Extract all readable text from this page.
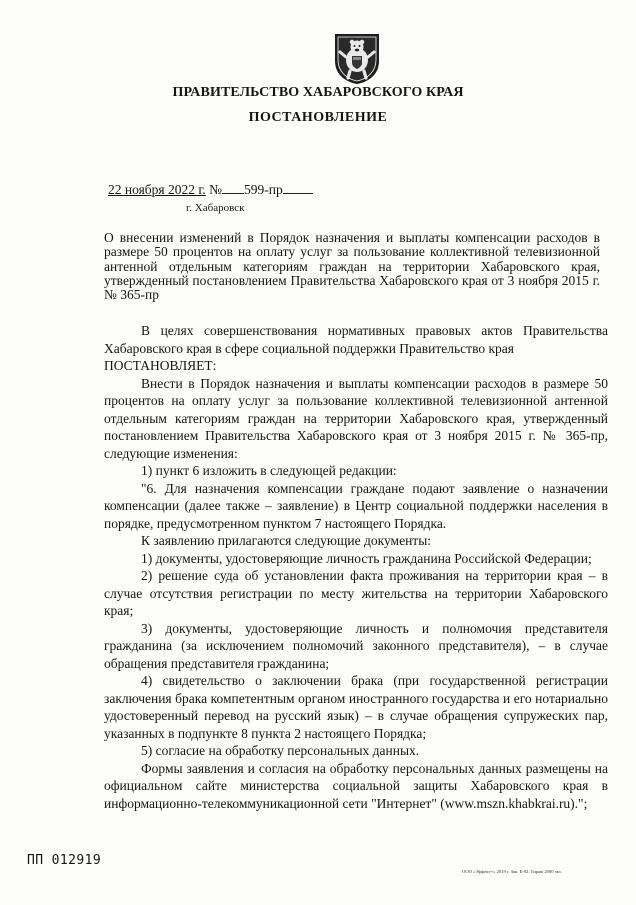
ПРАВИТЕЛЬСТВО ХАБАРОВСКОГО КРАЯ
ПОСТАНОВЛЕНИЕ
22 ноября 2022 г. № 599-пр
г. Хабаровск
О внесении изменений в Порядок назначения и выплаты компенсации расходов в размере 50 процентов на оплату услуг за пользование коллективной телевизионной антенной отдельным категориям граждан на территории Хабаровского края, утвержденный постановлением Правительства Хабаровского края от 3 ноября 2015 г. № 365-пр

В целях совершенствования нормативных правовых актов Правительства Хабаровского края в сфере социальной поддержки Правительство края

ПОСТАНОВЛЯЕТ:

Внести в Порядок назначения и выплаты компенсации расходов в размере 50 процентов на оплату услуг за пользование коллективной телевизионной антенной отдельным категориям граждан на территории Хабаровского края, утвержденный постановлением Правительства Хабаровского края от 3 ноября 2015 г. № 365-пр, следующие изменения:

1) пункт 6 изложить в следующей редакции:

"6. Для назначения компенсации граждане подают заявление о назначении компенсации (далее также – заявление) в Центр социальной поддержки населения в порядке, предусмотренном пунктом 7 настоящего Порядка.

К заявлению прилагаются следующие документы:

1) документы, удостоверяющие личность гражданина Российской Федерации;

2) решение суда об установлении факта проживания на территории края – в случае отсутствия регистрации по месту жительства на территории Хабаровского края;

3) документы, удостоверяющие личность и полномочия представителя гражданина (за исключением полномочий законного представителя), – в случае обращения представителя гражданина;

4) свидетельство о заключении брака (при государственной регистрации заключения брака компетентным органом иностранного государства и его нотариально удостоверенный перевод на русский язык) – в случае обращения супружеских пар, указанных в подпункте 8 пункта 2 настоящего Порядка;

5) согласие на обработку персональных данных.

Формы заявления и согласия на обработку персональных данных размещены на официальном сайте министерства социальной защиты Хабаровского края в информационно-телекоммуникационной сети "Интернет" (www.mszn.khabkrai.ru).";

ПП 012919
ООО «Эффект+» 2019 г. Зак. Б-82. Тираж 2000 экз.
